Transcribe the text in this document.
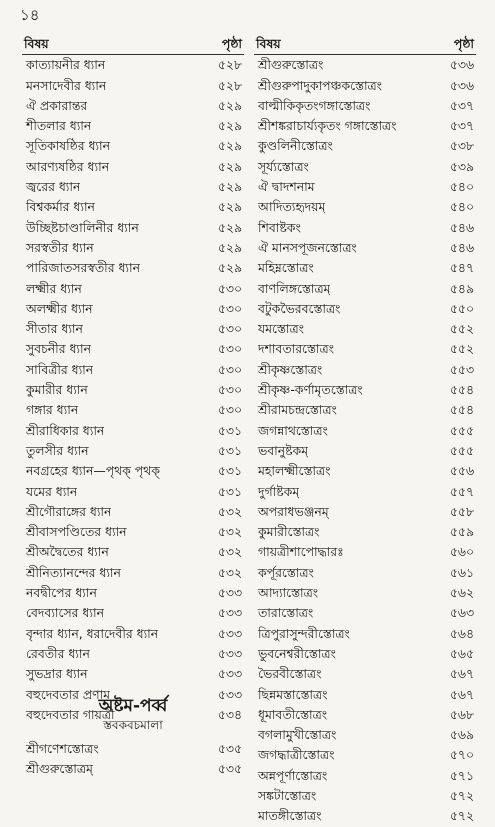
১৪
বিষয়	পৃষ্ঠা
কাত্যায়নীর ধ্যান	৫২৮
মনসাদেবীর ধ্যান	৫২৮
ঐ প্রকারান্তর	৫২৯
শীতলার ধ্যান	৫২৯
সূতিকাষষ্ঠির ধ্যান	৫২৯
আরণ্যষষ্ঠির ধ্যান	৫২৯
জ্বরের ধ্যান	৫২৯
বিশ্বকর্মার ধ্যান	৫২৯
উচ্ছিষ্টচাণ্ডালিনীর ধ্যান	৫২৯
সরস্বতীর ধ্যান	৫২৯
পারিজাতসরস্বতীর ধ্যান	৫২৯
লক্ষ্মীর ধ্যান	৫৩০
অলক্ষ্মীর ধ্যান	৫৩০
সীতার ধ্যান	৫৩০
সুবচনীর ধ্যান	৫৩০
সাবিত্রীর ধ্যান	৫৩০
কুমারীর ধ্যান	৫৩০
গঙ্গার ধ্যান	৫৩০
শ্রীরাধিকার ধ্যান	৫৩১
তুলসীর ধ্যান	৫৩১
নবগ্রহের ধ্যান—পৃথক্ পৃথক্	৫৩১
যমের ধ্যান	৫৩১
শ্রীগৌরাঙ্গের ধ্যান	৫৩২
শ্রীবাসপণ্ডিতের ধ্যান	৫৩২
শ্রীঅদ্বৈতের ধ্যান	৫৩২
শ্রীনিত্যানন্দের ধ্যান	৫৩২
নবদ্বীপের ধ্যান	৫৩৩
বেদব্যাসের ধ্যান	৫৩৩
বৃন্দার ধ্যান, ধরাদেবীর ধ্যান	৫৩৩
রেবতীর ধ্যান	৫৩৩
সুভদ্রার ধ্যান	৫৩৩
বহুদেবতার প্রণাম	৫৩৩
বহুদেবতার গায়ত্রী	৫৩৪
অষ্টম-পর্ব্ব
স্তবকবচমালা
শ্রীগণেশস্তোত্রং	৫৩৫
শ্রীগুরুস্তোত্রম্	৫৩৫
বিষয়	পৃষ্ঠা
শ্রীগুরুস্তোত্রং	৫৩৬
শ্রীগুরুপাদুকাপঞ্চকস্তোত্রং	৫৩৬
বাল্মীকিকৃতংগঙ্গাস্তোত্রং	৫৩৭
শ্রীশঙ্করাচার্য্যকৃতং গঙ্গাস্তোত্রং	৫৩৭
কুণ্ডলিনীস্তোত্রং	৫৩৮
সূর্য্যস্তোত্রং	৫৩৯
ঐ দ্বাদশনাম	৫৪০
আদিত্যহৃদয়ম্	৫৪০
শিবাষ্টকং	৫৪৬
ঐ মানসপূজনস্তোত্রং	৫৪৬
মহিম্নস্তোত্রং	৫৪৭
বাণলিঙ্গস্তোত্রম্	৫৪৯
বটুকভৈরবস্তোত্রং	৫৫০
যমস্তোত্রং	৫৫২
দশাবতারস্তোত্রং	৫৫২
শ্রীকৃষ্ণস্তোত্রং	৫৫৩
শ্রীকৃষ্ণ-কর্ণামৃতস্তোত্রং	৫৫৪
শ্রীরামচন্দ্রস্তোত্রং	৫৫৪
জগন্নাথস্তোত্রং	৫৫৫
ভবানুষ্টকম্	৫৫৫
মহালক্ষ্মীস্তোত্রং	৫৫৬
দুর্গাষ্টকম্	৫৫৭
অপরাধভঞ্জনম্	৫৫৮
কুমারীস্তোত্রং	৫৫৯
গায়ত্রীশাপোদ্ধারঃ	৫৬০
কর্পূরস্তোত্রং	৫৬১
আদ্যাস্তোত্রং	৫৬২
তারাস্তোত্রং	৫৬৩
ত্রিপুরাসুন্দরীস্তোত্রং	৫৬৪
ভুবনেশ্বরীস্তোত্রং	৫৬৫
ভৈরবীস্তোত্রং	৫৬৭
ছিন্নমস্তাস্তোত্রং	৫৬৭
ধূমাবতীস্তোত্রং	৫৬৮
বগলামুখীস্তোত্রং	৫৬৯
জগদ্ধাত্রীস্তোত্রং	৫৭০
অন্নপূর্ণাস্তোত্রং	৫৭১
সঙ্কটাস্তোত্রং	৫৭২
মাতঙ্গীস্তোত্রং	৫৭২
